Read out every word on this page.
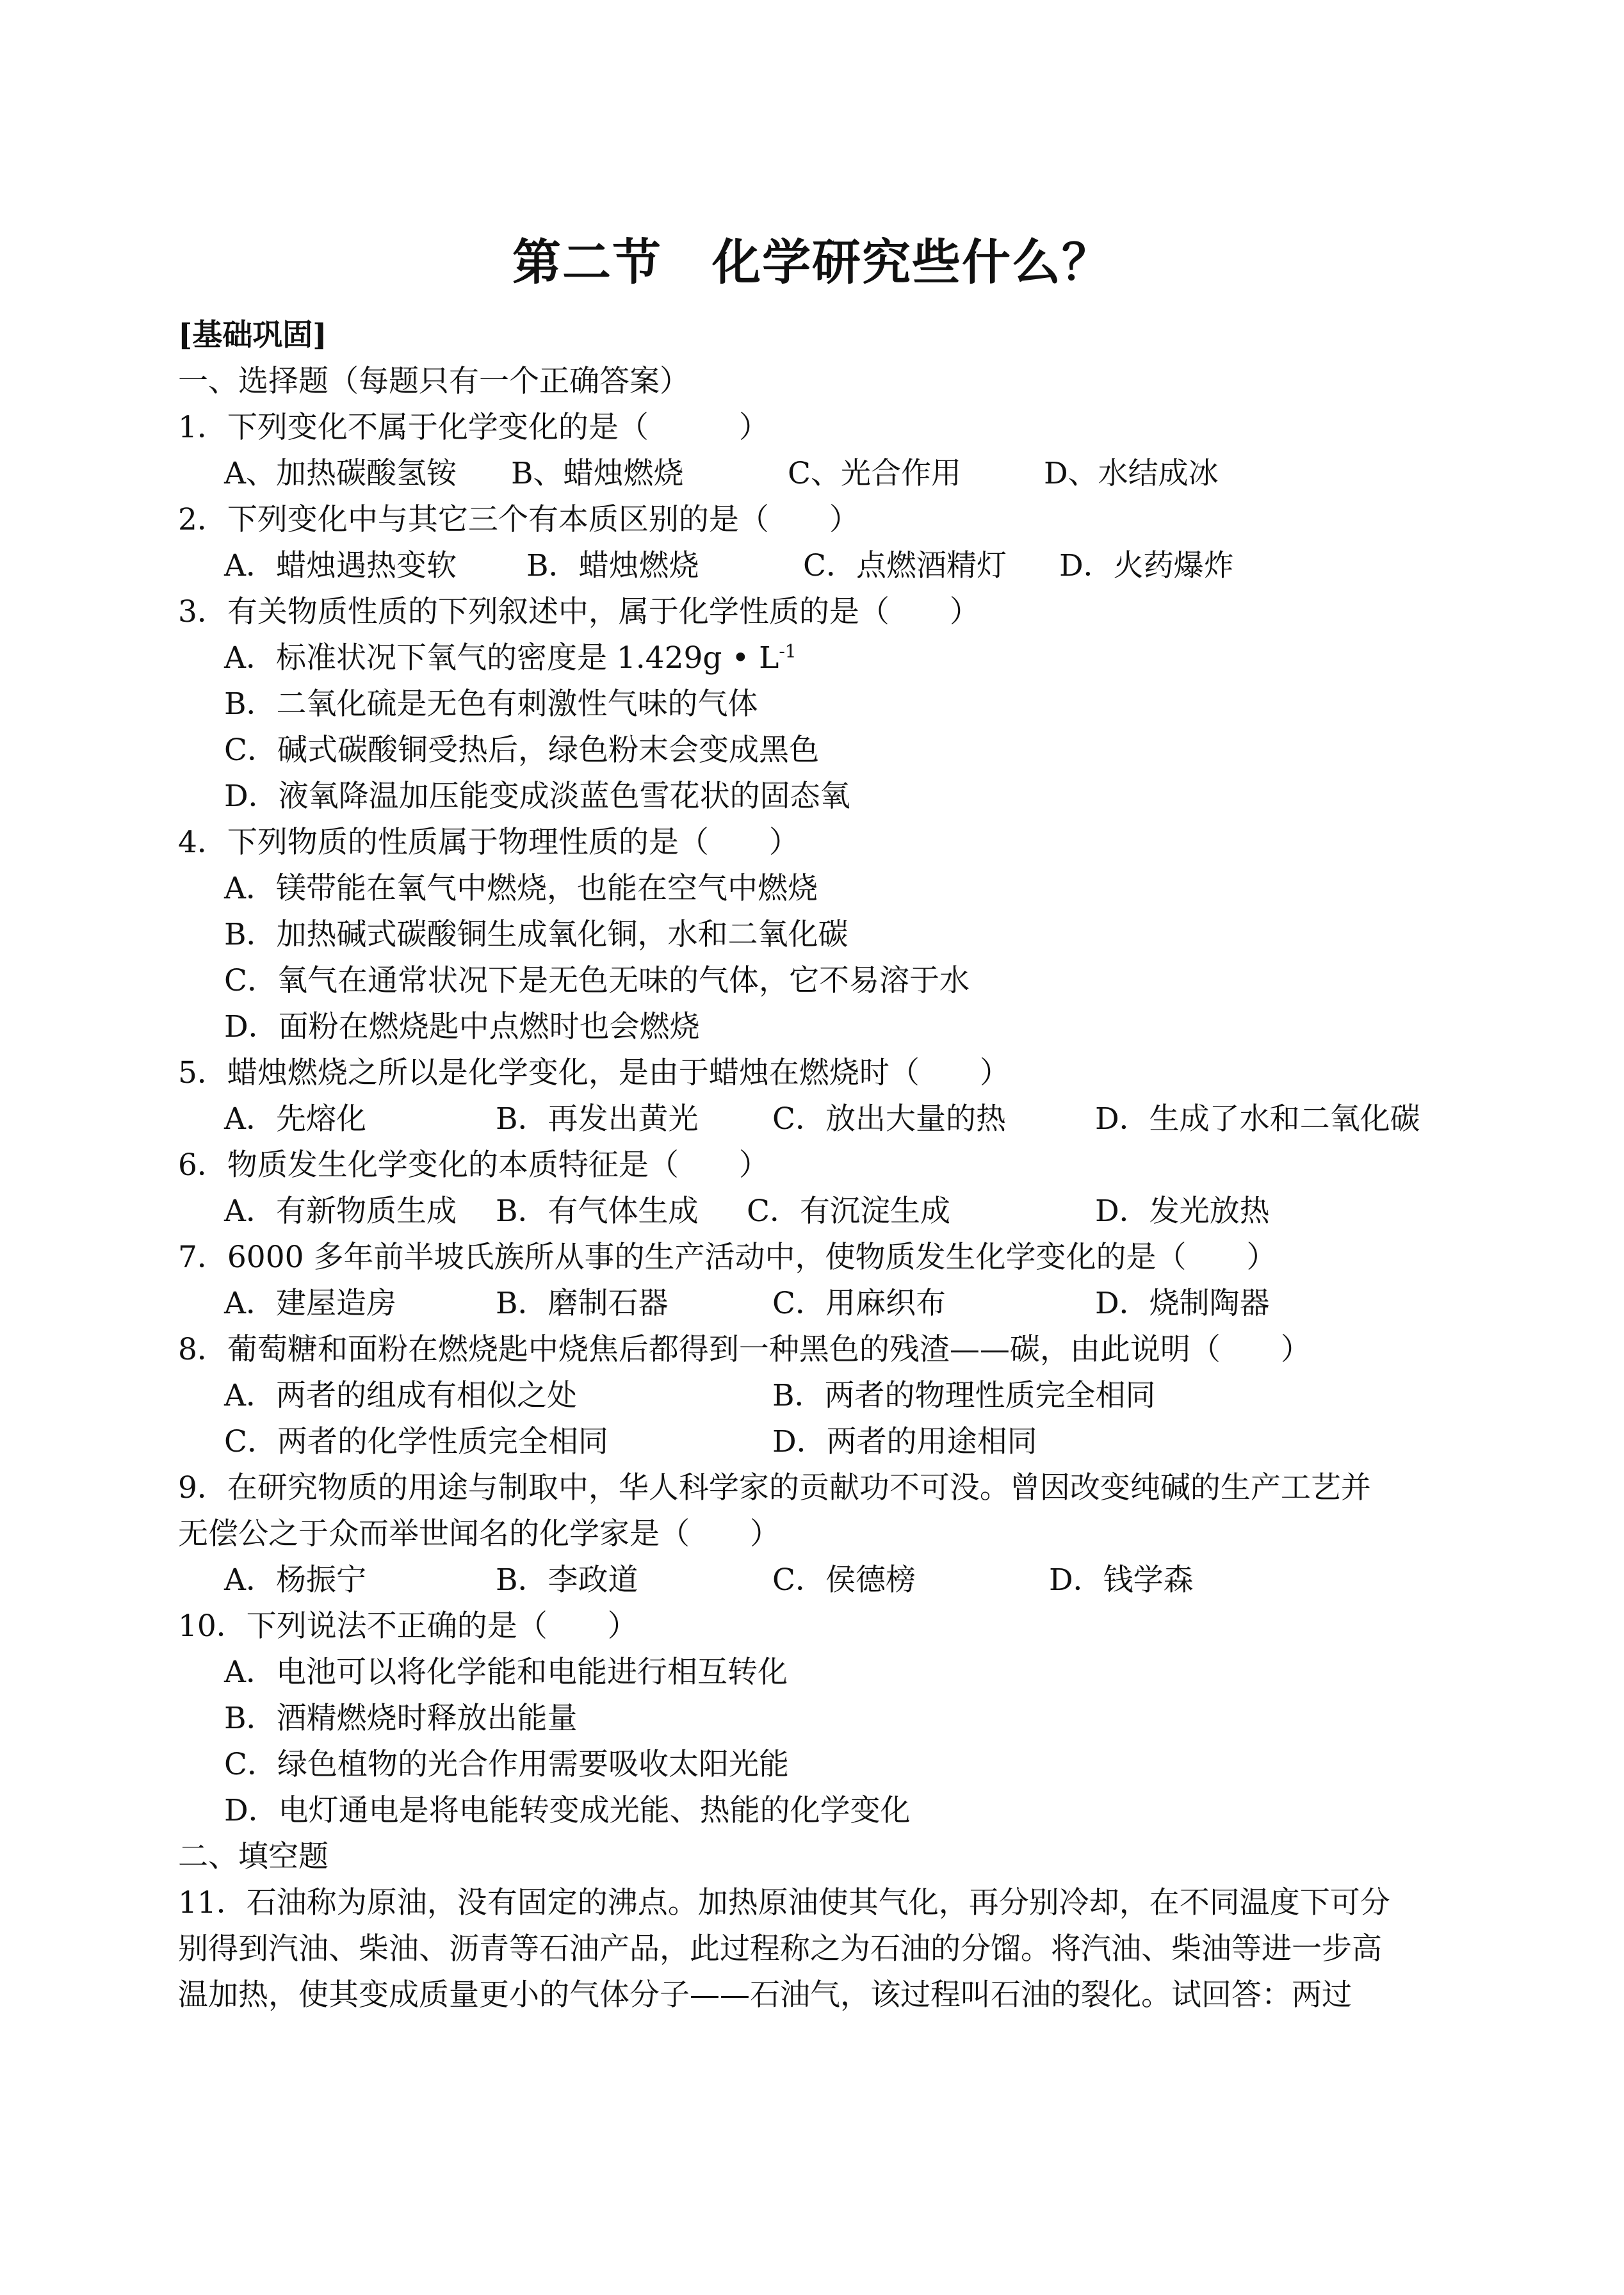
第二节　化学研究些什么？
[基础巩固]
一、选择题（每题只有一个正确答案）
1．下列变化不属于化学变化的是（　　　）
A、加热碳酸氢铵	B、蜡烛燃烧	C、光合作用	D、水结成冰
2．下列变化中与其它三个有本质区别的是（　　）
A．蜡烛遇热变软	B．蜡烛燃烧	C．点燃酒精灯	D．火药爆炸
3．有关物质性质的下列叙述中，属于化学性质的是（　　）
A．标准状况下氧气的密度是 1.429g • $L^{-1}$
B．二氧化硫是无色有刺激性气味的气体
C．碱式碳酸铜受热后，绿色粉末会变成黑色
D．液氧降温加压能变成淡蓝色雪花状的固态氧
4．下列物质的性质属于物理性质的是（　　）
A．镁带能在氧气中燃烧，也能在空气中燃烧
B．加热碱式碳酸铜生成氧化铜，水和二氧化碳
C．氧气在通常状况下是无色无味的气体，它不易溶于水
D．面粉在燃烧匙中点燃时也会燃烧
5．蜡烛燃烧之所以是化学变化，是由于蜡烛在燃烧时（　　）
A．先熔化	B．再发出黄光	C．放出大量的热	D．生成了水和二氧化碳
6．物质发生化学变化的本质特征是（　　）
A．有新物质生成	B．有气体生成	C．有沉淀生成	D．发光放热
7．6000 多年前半坡氏族所从事的生产活动中，使物质发生化学变化的是（　　）
A．建屋造房	B．磨制石器	C．用麻织布	D．烧制陶器
8．葡萄糖和面粉在燃烧匙中烧焦后都得到一种黑色的残渣——碳，由此说明（　　）
A．两者的组成有相似之处	B．两者的物理性质完全相同
C．两者的化学性质完全相同	D．两者的用途相同
9．在研究物质的用途与制取中，华人科学家的贡献功不可没。曾因改变纯碱的生产工艺并
无偿公之于众而举世闻名的化学家是（　　）
A．杨振宁	B．李政道	C．侯德榜	D．钱学森
10．下列说法不正确的是（　　）
A．电池可以将化学能和电能进行相互转化
B．酒精燃烧时释放出能量
C．绿色植物的光合作用需要吸收太阳光能
D．电灯通电是将电能转变成光能、热能的化学变化
二、填空题
11．石油称为原油，没有固定的沸点。加热原油使其气化，再分别冷却，在不同温度下可分
别得到汽油、柴油、沥青等石油产品，此过程称之为石油的分馏。将汽油、柴油等进一步高
温加热，使其变成质量更小的气体分子——石油气，该过程叫石油的裂化。试回答：两过
